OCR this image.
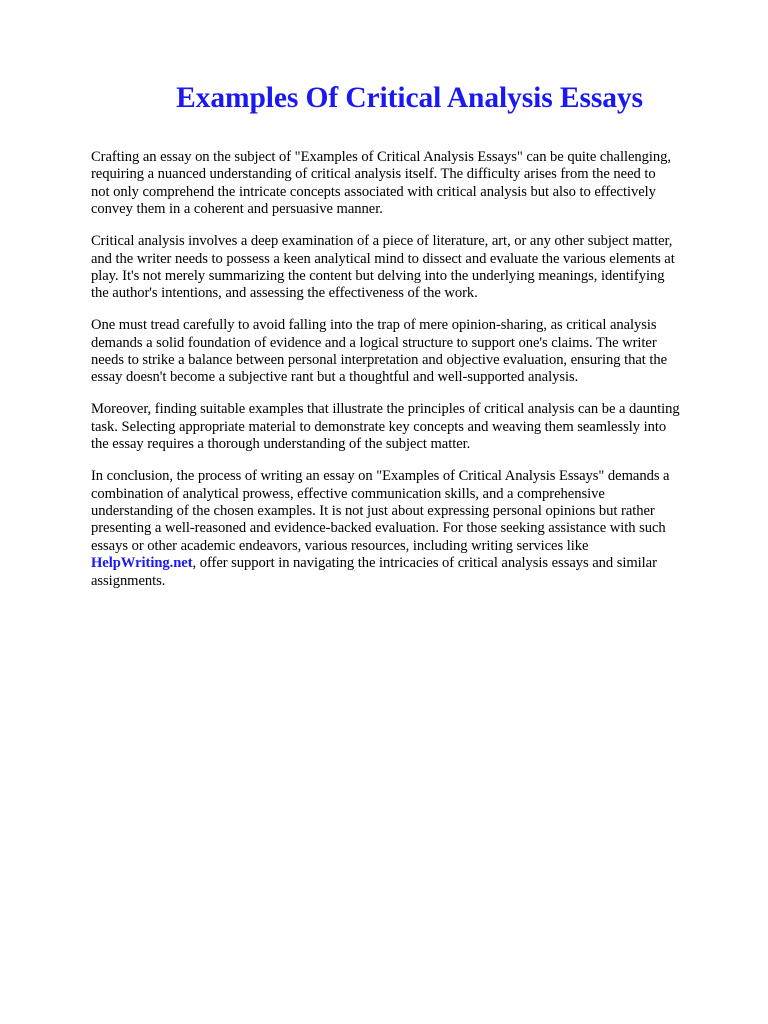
Examples Of Critical Analysis Essays

Crafting an essay on the subject of "Examples of Critical Analysis Essays" can be quite challenging,
requiring a nuanced understanding of critical analysis itself. The difficulty arises from the need to
not only comprehend the intricate concepts associated with critical analysis but also to effectively
convey them in a coherent and persuasive manner.

Critical analysis involves a deep examination of a piece of literature, art, or any other subject matter,
and the writer needs to possess a keen analytical mind to dissect and evaluate the various elements at
play. It's not merely summarizing the content but delving into the underlying meanings, identifying
the author's intentions, and assessing the effectiveness of the work.

One must tread carefully to avoid falling into the trap of mere opinion-sharing, as critical analysis
demands a solid foundation of evidence and a logical structure to support one's claims. The writer
needs to strike a balance between personal interpretation and objective evaluation, ensuring that the
essay doesn't become a subjective rant but a thoughtful and well-supported analysis.

Moreover, finding suitable examples that illustrate the principles of critical analysis can be a daunting
task. Selecting appropriate material to demonstrate key concepts and weaving them seamlessly into
the essay requires a thorough understanding of the subject matter.

In conclusion, the process of writing an essay on "Examples of Critical Analysis Essays" demands a
combination of analytical prowess, effective communication skills, and a comprehensive
understanding of the chosen examples. It is not just about expressing personal opinions but rather
presenting a well-reasoned and evidence-backed evaluation. For those seeking assistance with such
essays or other academic endeavors, various resources, including writing services like
HelpWriting.net, offer support in navigating the intricacies of critical analysis essays and similar
assignments.
